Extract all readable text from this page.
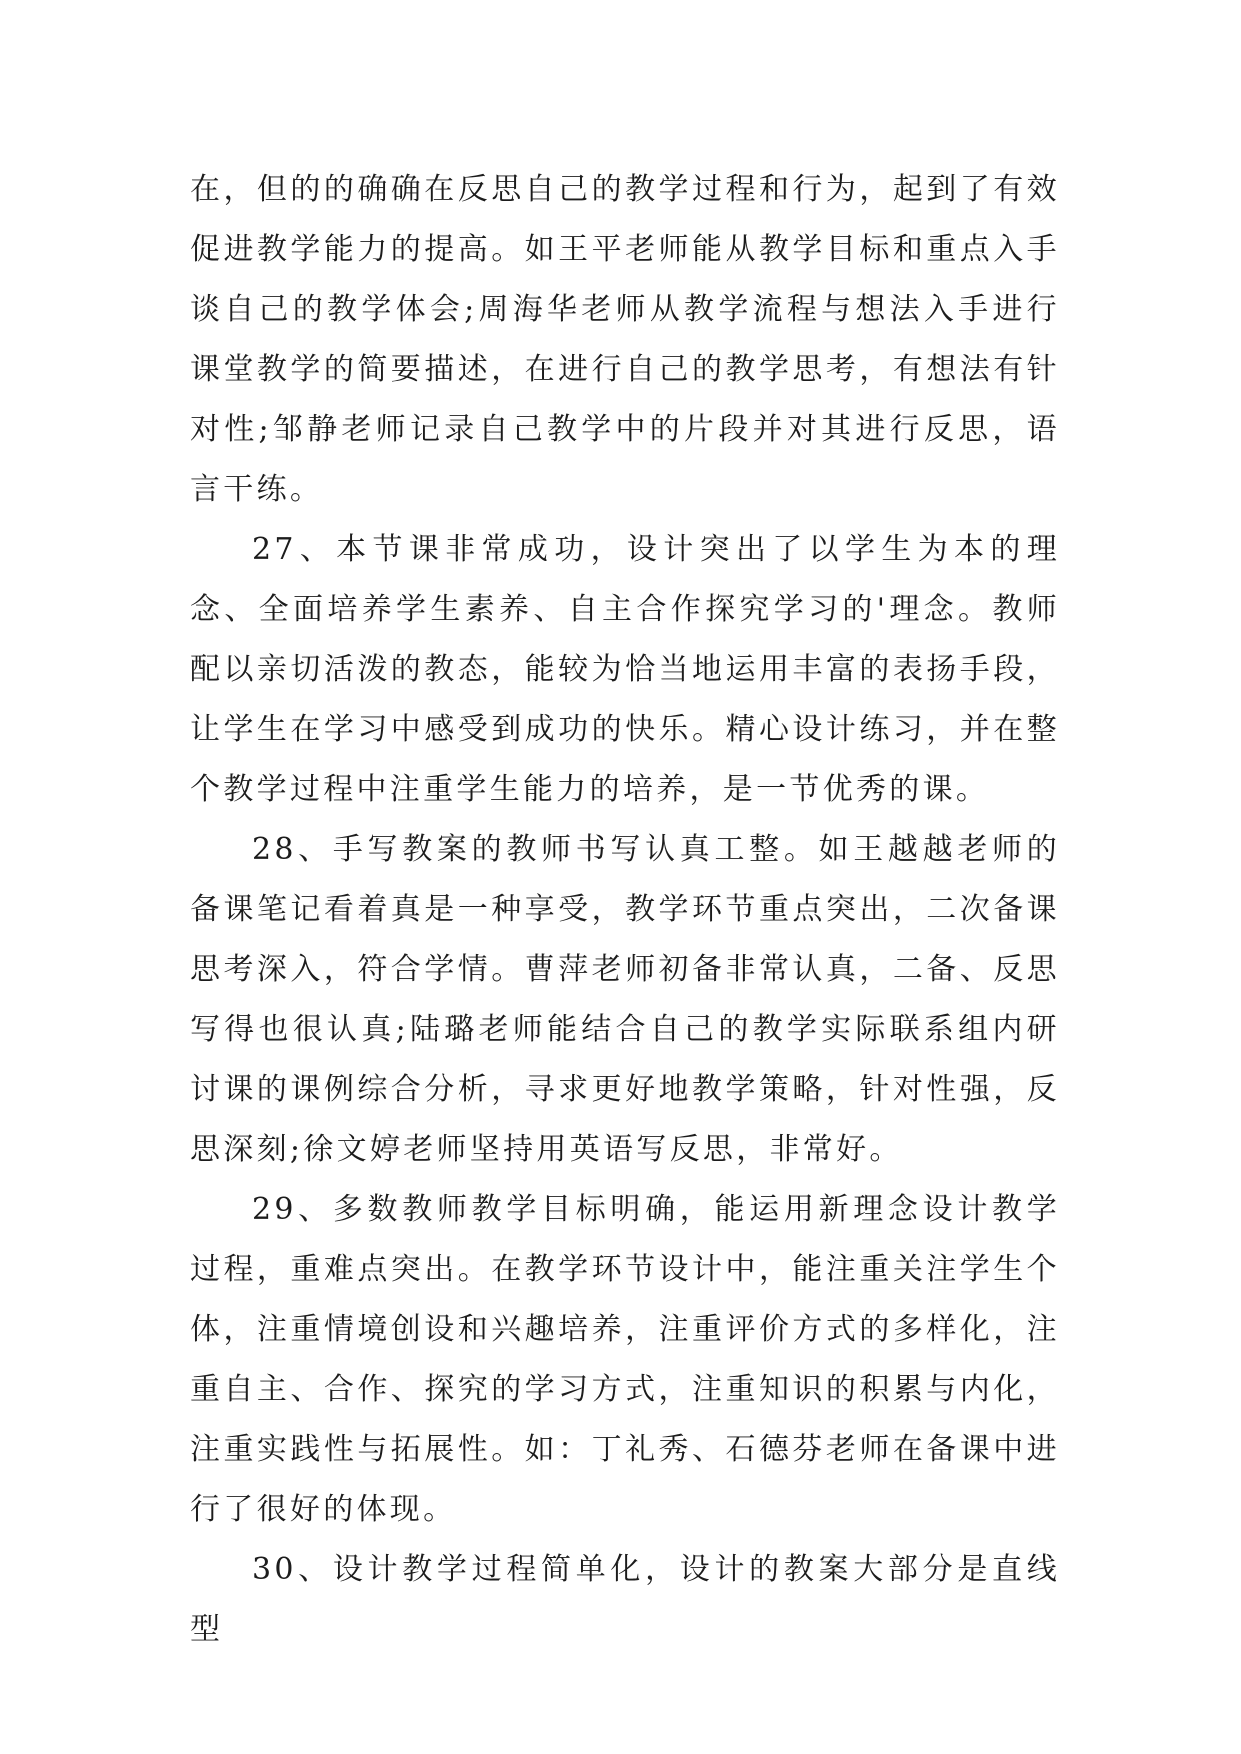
在，但的的确确在反思自己的教学过程和行为，起到了有效促进教学能力的提高。如王平老师能从教学目标和重点入手谈自己的教学体会;周海华老师从教学流程与想法入手进行课堂教学的简要描述，在进行自己的教学思考，有想法有针对性;邹静老师记录自己教学中的片段并对其进行反思，语言干练。

27、本节课非常成功，设计突出了以学生为本的理念、全面培养学生素养、自主合作探究学习的'理念。教师配以亲切活泼的教态，能较为恰当地运用丰富的表扬手段，让学生在学习中感受到成功的快乐。精心设计练习，并在整个教学过程中注重学生能力的培养，是一节优秀的课。

28、手写教案的教师书写认真工整。如王越越老师的备课笔记看着真是一种享受，教学环节重点突出，二次备课思考深入，符合学情。曹萍老师初备非常认真，二备、反思写得也很认真;陆璐老师能结合自己的教学实际联系组内研讨课的课例综合分析，寻求更好地教学策略，针对性强，反思深刻;徐文婷老师坚持用英语写反思，非常好。

29、多数教师教学目标明确，能运用新理念设计教学过程，重难点突出。在教学环节设计中，能注重关注学生个体，注重情境创设和兴趣培养，注重评价方式的多样化，注重自主、合作、探究的学习方式，注重知识的积累与内化，注重实践性与拓展性。如：丁礼秀、石德芬老师在备课中进行了很好的体现。

30、设计教学过程简单化，设计的教案大部分是直线型
